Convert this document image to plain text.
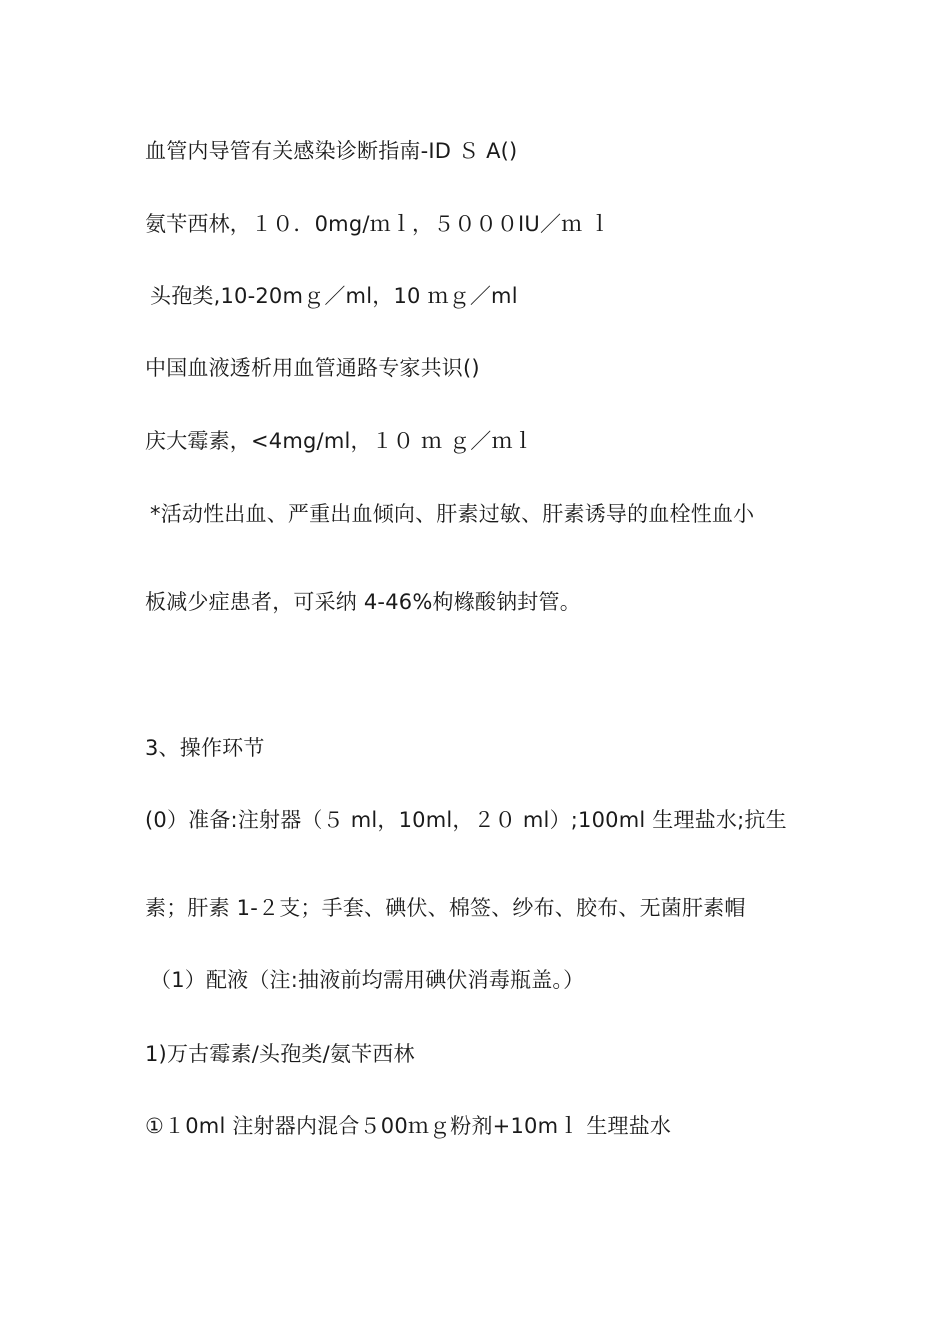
血管内导管有关感染诊断指南-ID Ｓ A()
氨苄西林，１０．0mg/ｍｌ，５０００IU／ｍ ｌ
头孢类,10-20mｇ／ml，10 ｍｇ／ml
中国血液透析用血管通路专家共识()
庆大霉素，<4mg/ml，１０ ｍ ｇ／ｍｌ
*活动性出血、严重出血倾向、肝素过敏、肝素诱导的血栓性血小
板减少症患者，可采纳 4-46%枸橼酸钠封管。
3、操作环节
(0）准备:注射器（５ ml，10ml，２０ ml）;100ml 生理盐水;抗生
素；肝素 1-２支；手套、碘伏、棉签、纱布、胶布、无菌肝素帽
（1）配液（注:抽液前均需用碘伏消毒瓶盖。）
1)万古霉素/头孢类/氨苄西林
①１0ml 注射器内混合５00ｍｇ粉剂+10mｌ 生理盐水
